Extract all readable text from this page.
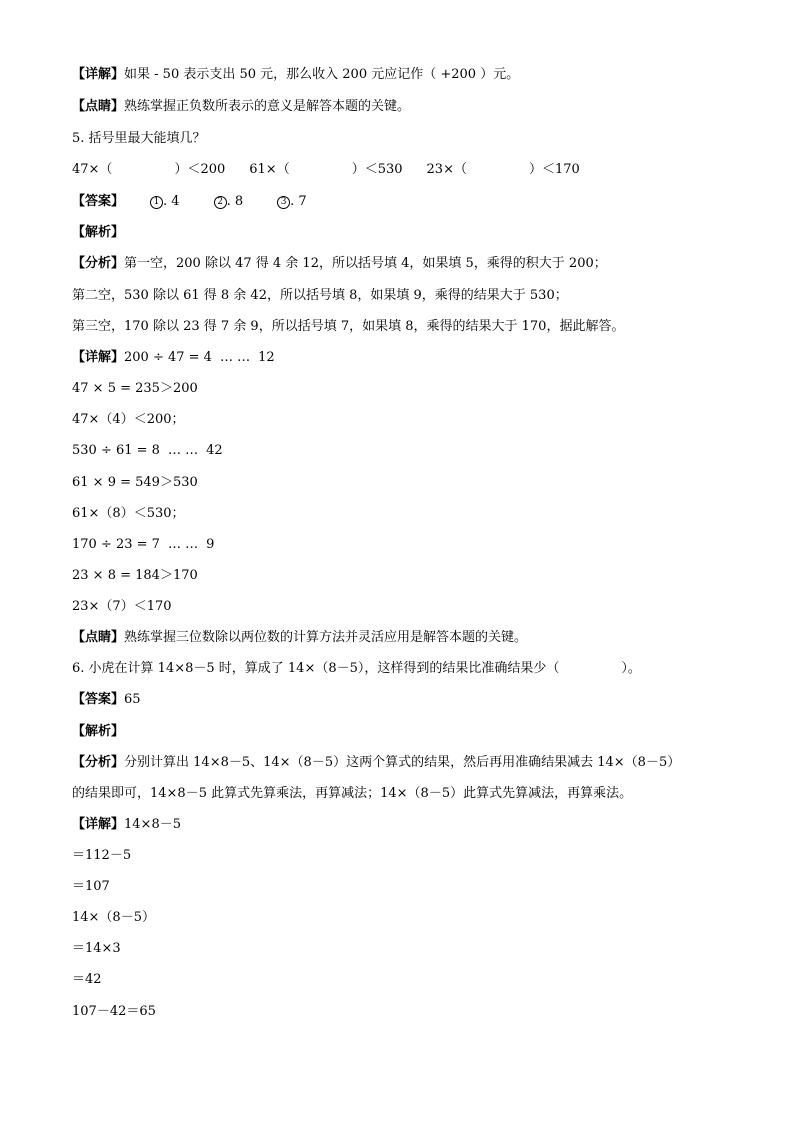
【详解】如果 - 50 表示支出 50 元，那么收入 200 元应记作（ +200 ）元。
【点睛】熟练掌握正负数所表示的意义是解答本题的关键。
5. 括号里最大能填几？
47×（	）＜200 61×（	）＜530 23×（	）＜170
【答案】	1 . 4	2 . 8	3 . 7
【解析】
【分析】第一空，200 除以 47 得 4 余 12，所以括号填 4，如果填 5，乘得的积大于 200；
第二空，530 除以 61 得 8 余 42，所以括号填 8，如果填 9，乘得的结果大于 530；
第三空，170 除以 23 得 7 余 9，所以括号填 7，如果填 8，乘得的结果大于 170，据此解答。
【详解】200 ÷ 47 = 4 … … 12
47 × 5 = 235＞200
47×（4）＜200；
530 ÷ 61 = 8 … … 42
61 × 9 = 549＞530
61×（8）＜530；
170 ÷ 23 = 7 … … 9
23 × 8 = 184＞170
23×（7）＜170
【点睛】熟练掌握三位数除以两位数的计算方法并灵活应用是解答本题的关键。
6. 小虎在计算 14×8－5 时，算成了 14×（8－5），这样得到的结果比准确结果少（	）。
【答案】65
【解析】
【分析】分别计算出 14×8－5、14×（8－5）这两个算式的结果，然后再用准确结果减去 14×（8－5）
的结果即可，14×8－5 此算式先算乘法，再算减法；14×（8－5）此算式先算减法，再算乘法。
【详解】14×8－5
＝112－5
＝107
14×（8－5）
＝14×3
＝42
107－42＝65
